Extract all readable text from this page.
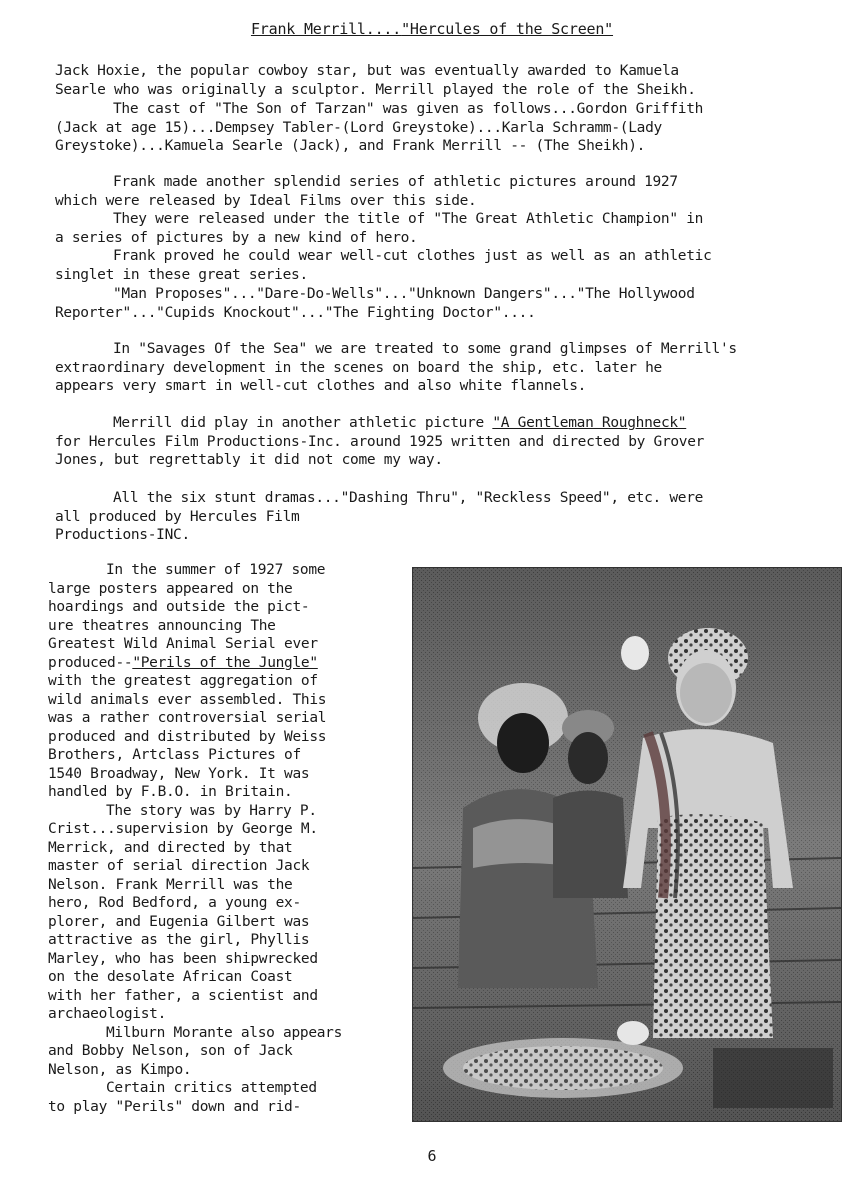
Frank Merrill...."Hercules of the Screen"

Jack Hoxie, the popular cowboy star, but was eventually awarded to Kamuela

Searle who was originally a sculptor. Merrill played the role of the Sheikh.

The cast of "The Son of Tarzan" was given as follows...Gordon Griffith

(Jack at age 15)...Dempsey Tabler-(Lord Greystoke)...Karla Schramm-(Lady

Greystoke)...Kamuela Searle (Jack), and Frank Merrill -- (The Sheikh).

Frank made another splendid series of athletic pictures around 1927

which were released by Ideal Films over this side.

They were released under the title of "The Great Athletic Champion" in

a series of pictures by a new kind of hero.

Frank proved he could wear well-cut clothes just as well as an athletic

singlet in these great series.

"Man Proposes"..."Dare-Do-Wells"..."Unknown Dangers"..."The Hollywood

Reporter"..."Cupids Knockout"..."The Fighting Doctor"....

In "Savages Of the Sea" we are treated to some grand glimpses of Merrill's

extraordinary development in the scenes on board the ship, etc. later he

appears very smart in well-cut clothes and also white flannels.

Merrill did play in another athletic picture "A Gentleman Roughneck"

for Hercules Film Productions-Inc. around 1925 written and directed by Grover

Jones, but regrettably it did not come my way.

All the six stunt dramas..."Dashing Thru", "Reckless Speed", etc. were

all produced by Hercules Film

Productions-INC.

In the summer of 1927 some

large posters appeared on the

hoardings and outside the pict-

ure theatres announcing The

Greatest Wild Animal Serial ever

produced--"Perils of the Jungle"

with the greatest aggregation of

wild animals ever assembled. This

was a rather controversial serial

produced and distributed by Weiss

Brothers, Artclass Pictures of

1540 Broadway, New York. It was

handled by F.B.O. in Britain.

The story was by Harry P.

Crist...supervision by George M.

Merrick, and directed by that

master of serial direction Jack

Nelson. Frank Merrill was the

hero, Rod Bedford, a young ex-

plorer, and Eugenia Gilbert was

attractive as the girl, Phyllis

Marley, who has been shipwrecked

on the desolate African Coast

with her father, a scientist and

archaeologist.

Milburn Morante also appears

and Bobby Nelson, son of Jack

Nelson, as Kimpo.

Certain critics attempted

to play "Perils" down and rid-

6
